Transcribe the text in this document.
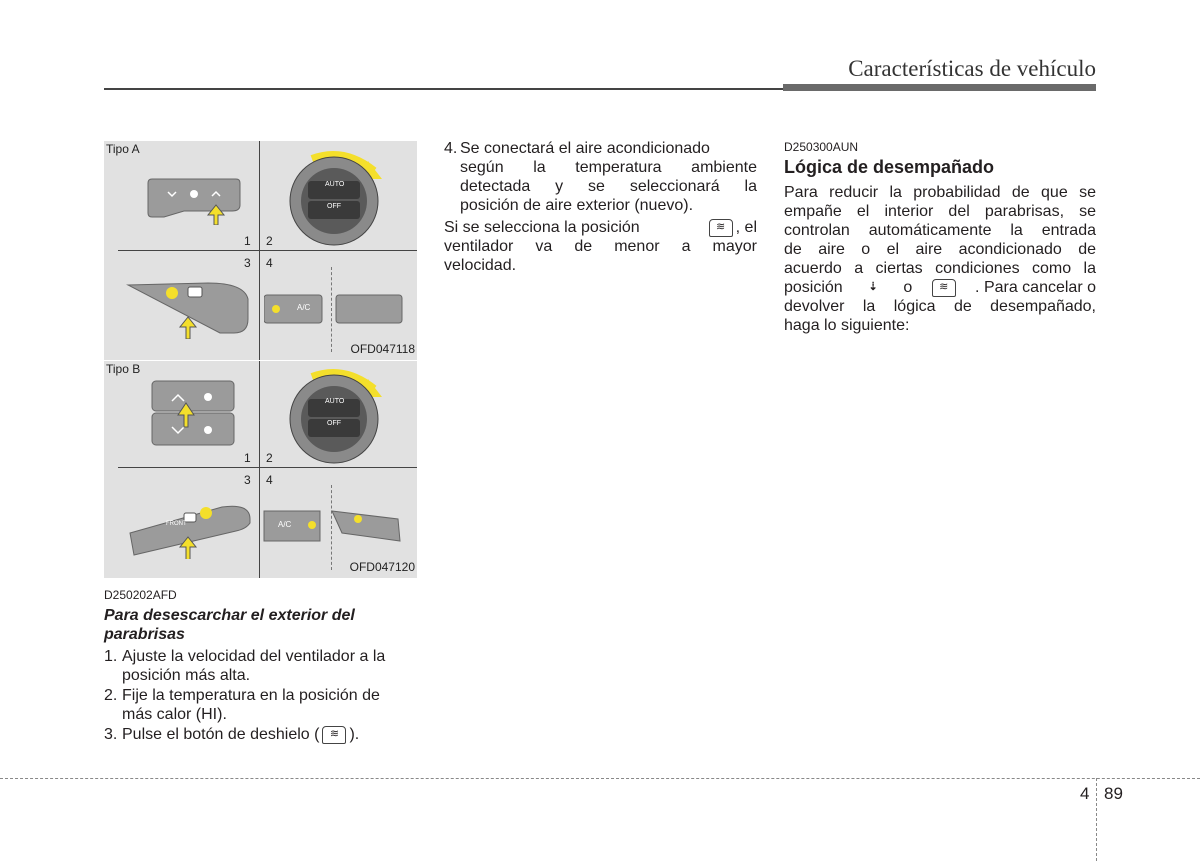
Características de vehículo
Tipo A
1 2
3 4
OFD047118
AUTO
OFF
A/C
Tipo B
1 2
3 4
OFD047120
AUTO
OFF
FRONT	A/C
D250202AFD
Para desescarchar el exterior del
parabrisas
1. Ajuste la velocidad del ventilador a la
posición más alta.
2. Fije la temperatura en la posición de
más calor (HI).
3. Pulse el botón de deshielo ( ≋ ).
4. Se conectará el aire acondicionado
según la temperatura ambiente
detectada y se seleccionará la
posición de aire exterior (nuevo).
Si se selecciona la posición	≋ , el
ventilador va de menor a mayor
velocidad.
D250300AUN
Lógica de desempañado
Para reducir la probabilidad de que se
empañe el interior del parabrisas, se
controlan automáticamente la entrada
de aire o el aire acondicionado de
acuerdo a ciertas condiciones como la
posición	⇣	o	≋	. Para cancelar o
devolver la lógica de desempañado,
haga lo siguiente:
4 89
